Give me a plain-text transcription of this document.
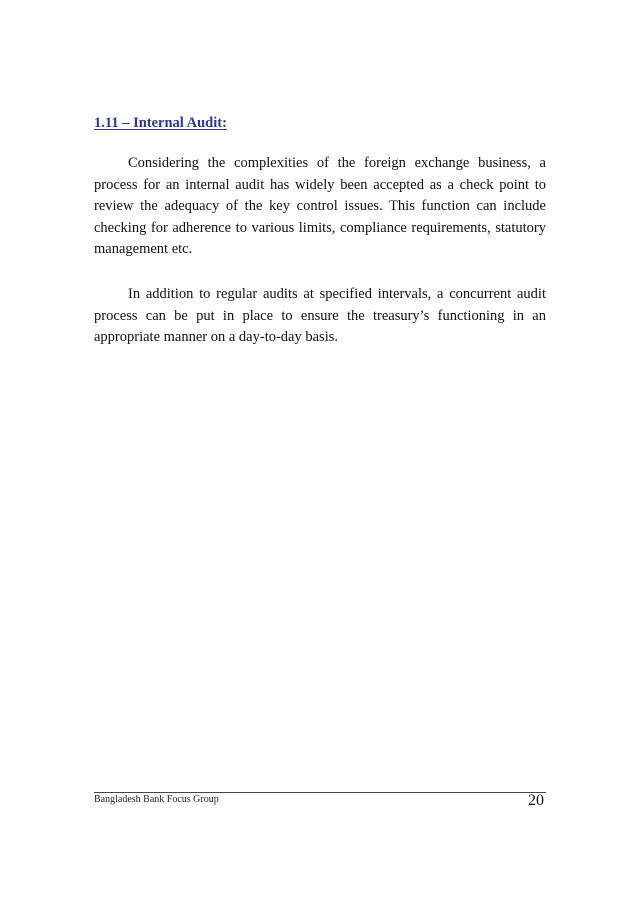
1.11 – Internal Audit:

Considering the complexities of the foreign exchange business, a process for an internal audit has widely been accepted as a check point to review the adequacy of the key control issues. This function can include checking for adherence to various limits, compliance requirements, statutory management etc.

In addition to regular audits at specified intervals, a concurrent audit process can be put in place to ensure the treasury’s functioning in an appropriate manner on a day-to-day basis.

Bangladesh Bank Focus Group	20
